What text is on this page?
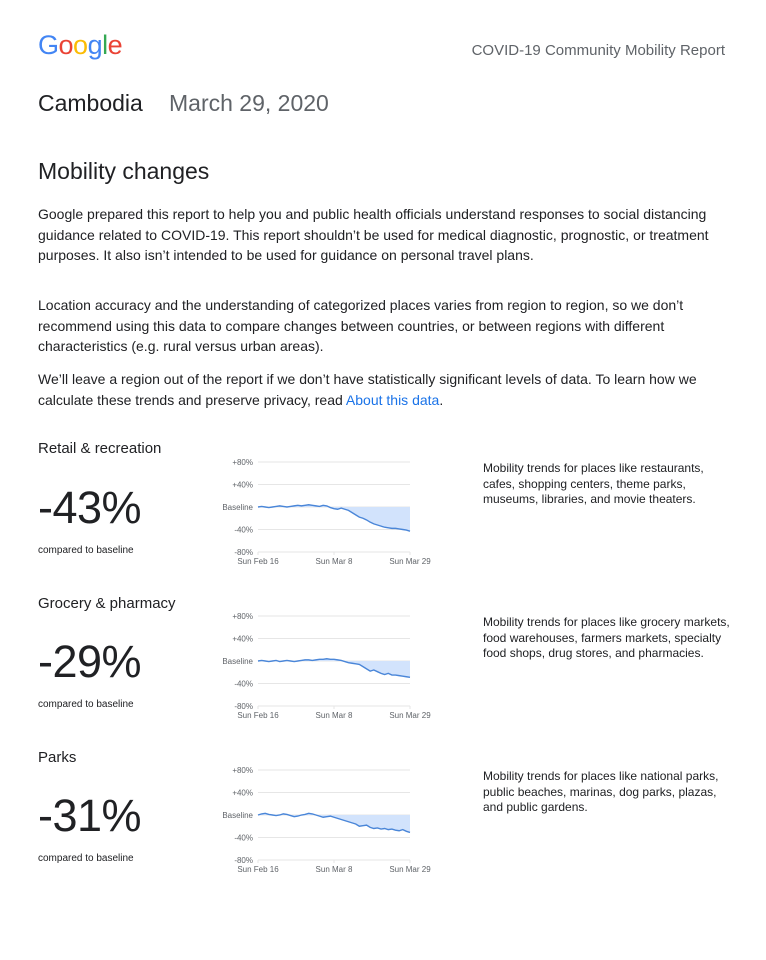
Google	COVID-19 Community Mobility Report
Cambodia March 29, 2020
Mobility changes
Google prepared this report to help you and public health officials understand responses to social distancing guidance related to COVID-19. This report shouldn’t be used for medical diagnostic, prognostic, or treatment purposes. It also isn’t intended to be used for guidance on personal travel plans.
Location accuracy and the understanding of categorized places varies from region to region, so we don’t recommend using this data to compare changes between countries, or between regions with different characteristics (e.g. rural versus urban areas).
We’ll leave a region out of the report if we don’t have statistically significant levels of data. To learn how we calculate these trends and preserve privacy, read About this data.
Retail & recreation
-43%
compared to baseline
+80%
+40%
Baseline
-40%
-80%
Sun Feb 16	Sun Mar 8	Sun Mar 29
Mobility trends for places like restaurants, cafes, shopping centers, theme parks, museums, libraries, and movie theaters.
Grocery & pharmacy
-29%
compared to baseline
+80%
+40%
Baseline
-40%
-80%
Sun Feb 16	Sun Mar 8	Sun Mar 29
Mobility trends for places like grocery markets, food warehouses, farmers markets, specialty food shops, drug stores, and pharmacies.
Parks
-31%
compared to baseline
+80%
+40%
Baseline
-40%
-80%
Sun Feb 16	Sun Mar 8	Sun Mar 29
Mobility trends for places like national parks, public beaches, marinas, dog parks, plazas, and public gardens.
